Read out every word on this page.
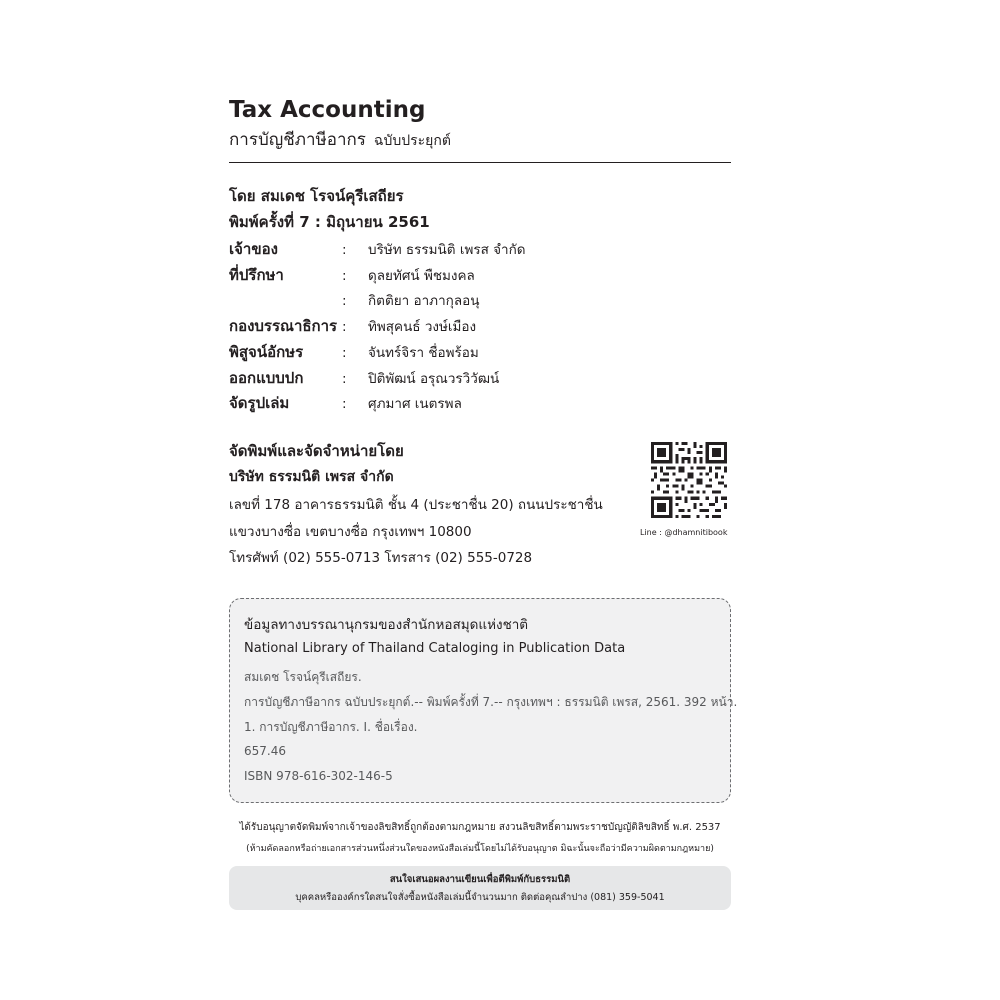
Tax Accounting
การบัญชีภาษีอากร ฉบับประยุกต์
โดย สมเดช โรจน์คุรีเสถียร
พิมพ์ครั้งที่ 7 : มิถุนายน 2561
เจ้าของ	: บริษัท ธรรมนิติ เพรส จำกัด
ที่ปรึกษา	: ดุลยทัศน์ พืชมงคล
: กิตติยา อาภากุลอนุ
กองบรรณาธิการ : ทิพสุคนธ์ วงษ์เมือง
พิสูจน์อักษร	: จันทร์จิรา ชื่อพร้อม
ออกแบบปก	: ปิติพัฒน์ อรุณวรวิวัฒน์
จัดรูปเล่ม	: ศุภมาศ เนตรพล
จัดพิมพ์และจัดจำหน่ายโดย
บริษัท ธรรมนิติ เพรส จำกัด
เลขที่ 178 อาคารธรรมนิติ ชั้น 4 (ประชาชื่น 20) ถนนประชาชื่น
แขวงบางซื่อ เขตบางซื่อ กรุงเทพฯ 10800
โทรศัพท์ (02) 555-0713 โทรสาร (02) 555-0728
Line : @dhamnitibook
ข้อมูลทางบรรณานุกรมของสำนักหอสมุดแห่งชาติ
National Library of Thailand Cataloging in Publication Data
สมเดช โรจน์คุรีเสถียร.
การบัญชีภาษีอากร ฉบับประยุกต์.-- พิมพ์ครั้งที่ 7.-- กรุงเทพฯ : ธรรมนิติ เพรส, 2561. 392 หน้า.
1. การบัญชีภาษีอากร. I. ชื่อเรื่อง.
657.46
ISBN 978-616-302-146-5
ได้รับอนุญาตจัดพิมพ์จากเจ้าของลิขสิทธิ์ถูกต้องตามกฎหมาย สงวนลิขสิทธิ์ตามพระราชบัญญัติลิขสิทธิ์ พ.ศ. 2537
(ห้ามคัดลอกหรือถ่ายเอกสารส่วนหนึ่งส่วนใดของหนังสือเล่มนี้โดยไม่ได้รับอนุญาต มิฉะนั้นจะถือว่ามีความผิดตามกฎหมาย)
สนใจเสนอผลงานเขียนเพื่อตีพิมพ์กับธรรมนิติ
บุคคลหรือองค์กรใดสนใจสั่งซื้อหนังสือเล่มนี้จำนวนมาก ติดต่อคุณลำปาง (081) 359-5041
